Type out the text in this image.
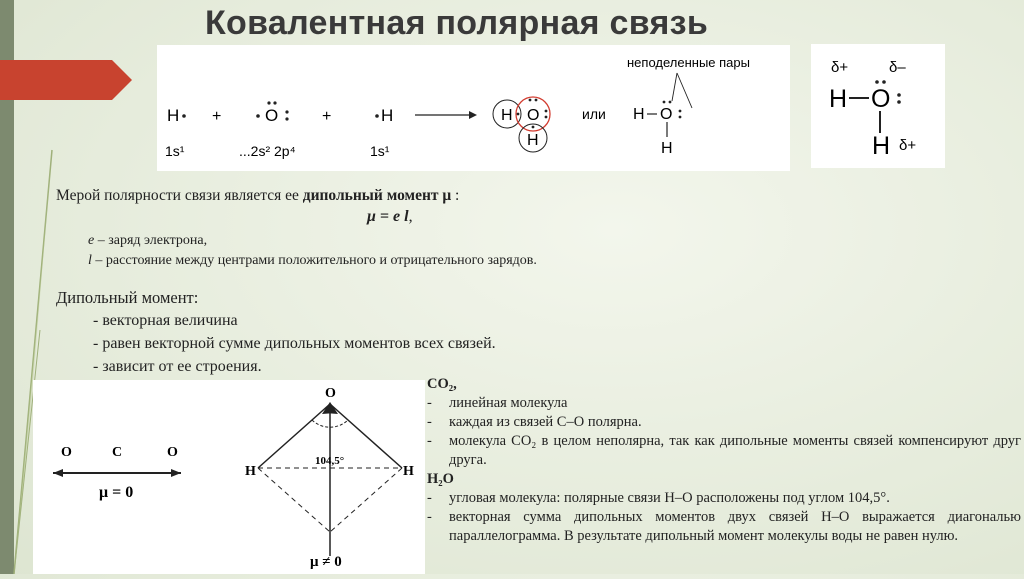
Ковалентная полярная связь
H +	O	+	H
1s¹	...2s² 2p⁴	1s¹
H O
H
или
неподеленные пары
H O
H
δ+	δ–
H O
H δ+
Мерой полярности связи является ее дипольный момент μ :
μ = e l,
e – заряд электрона,
l – расстояние между центрами положительного и отрицательного зарядов.
Дипольный момент:
- векторная величина
- равен векторной сумме дипольных моментов всех связей.
- зависит от ее строения.
O	C	O
μ = 0
O
H	H
104,5°
μ ≠ 0
CO₂,
-	линейная молекула
-	каждая из связей C–O полярна.
-	молекула CO₂ в целом неполярна, так как дипольные моменты связей компенсируют друг друга.
H₂O
-	угловая молекула: полярные связи H–O расположены под углом 104,5°.
-	векторная сумма дипольных моментов двух связей H–O выражается диагональю параллелограмма. В результате дипольный момент молекулы воды не равен нулю.
